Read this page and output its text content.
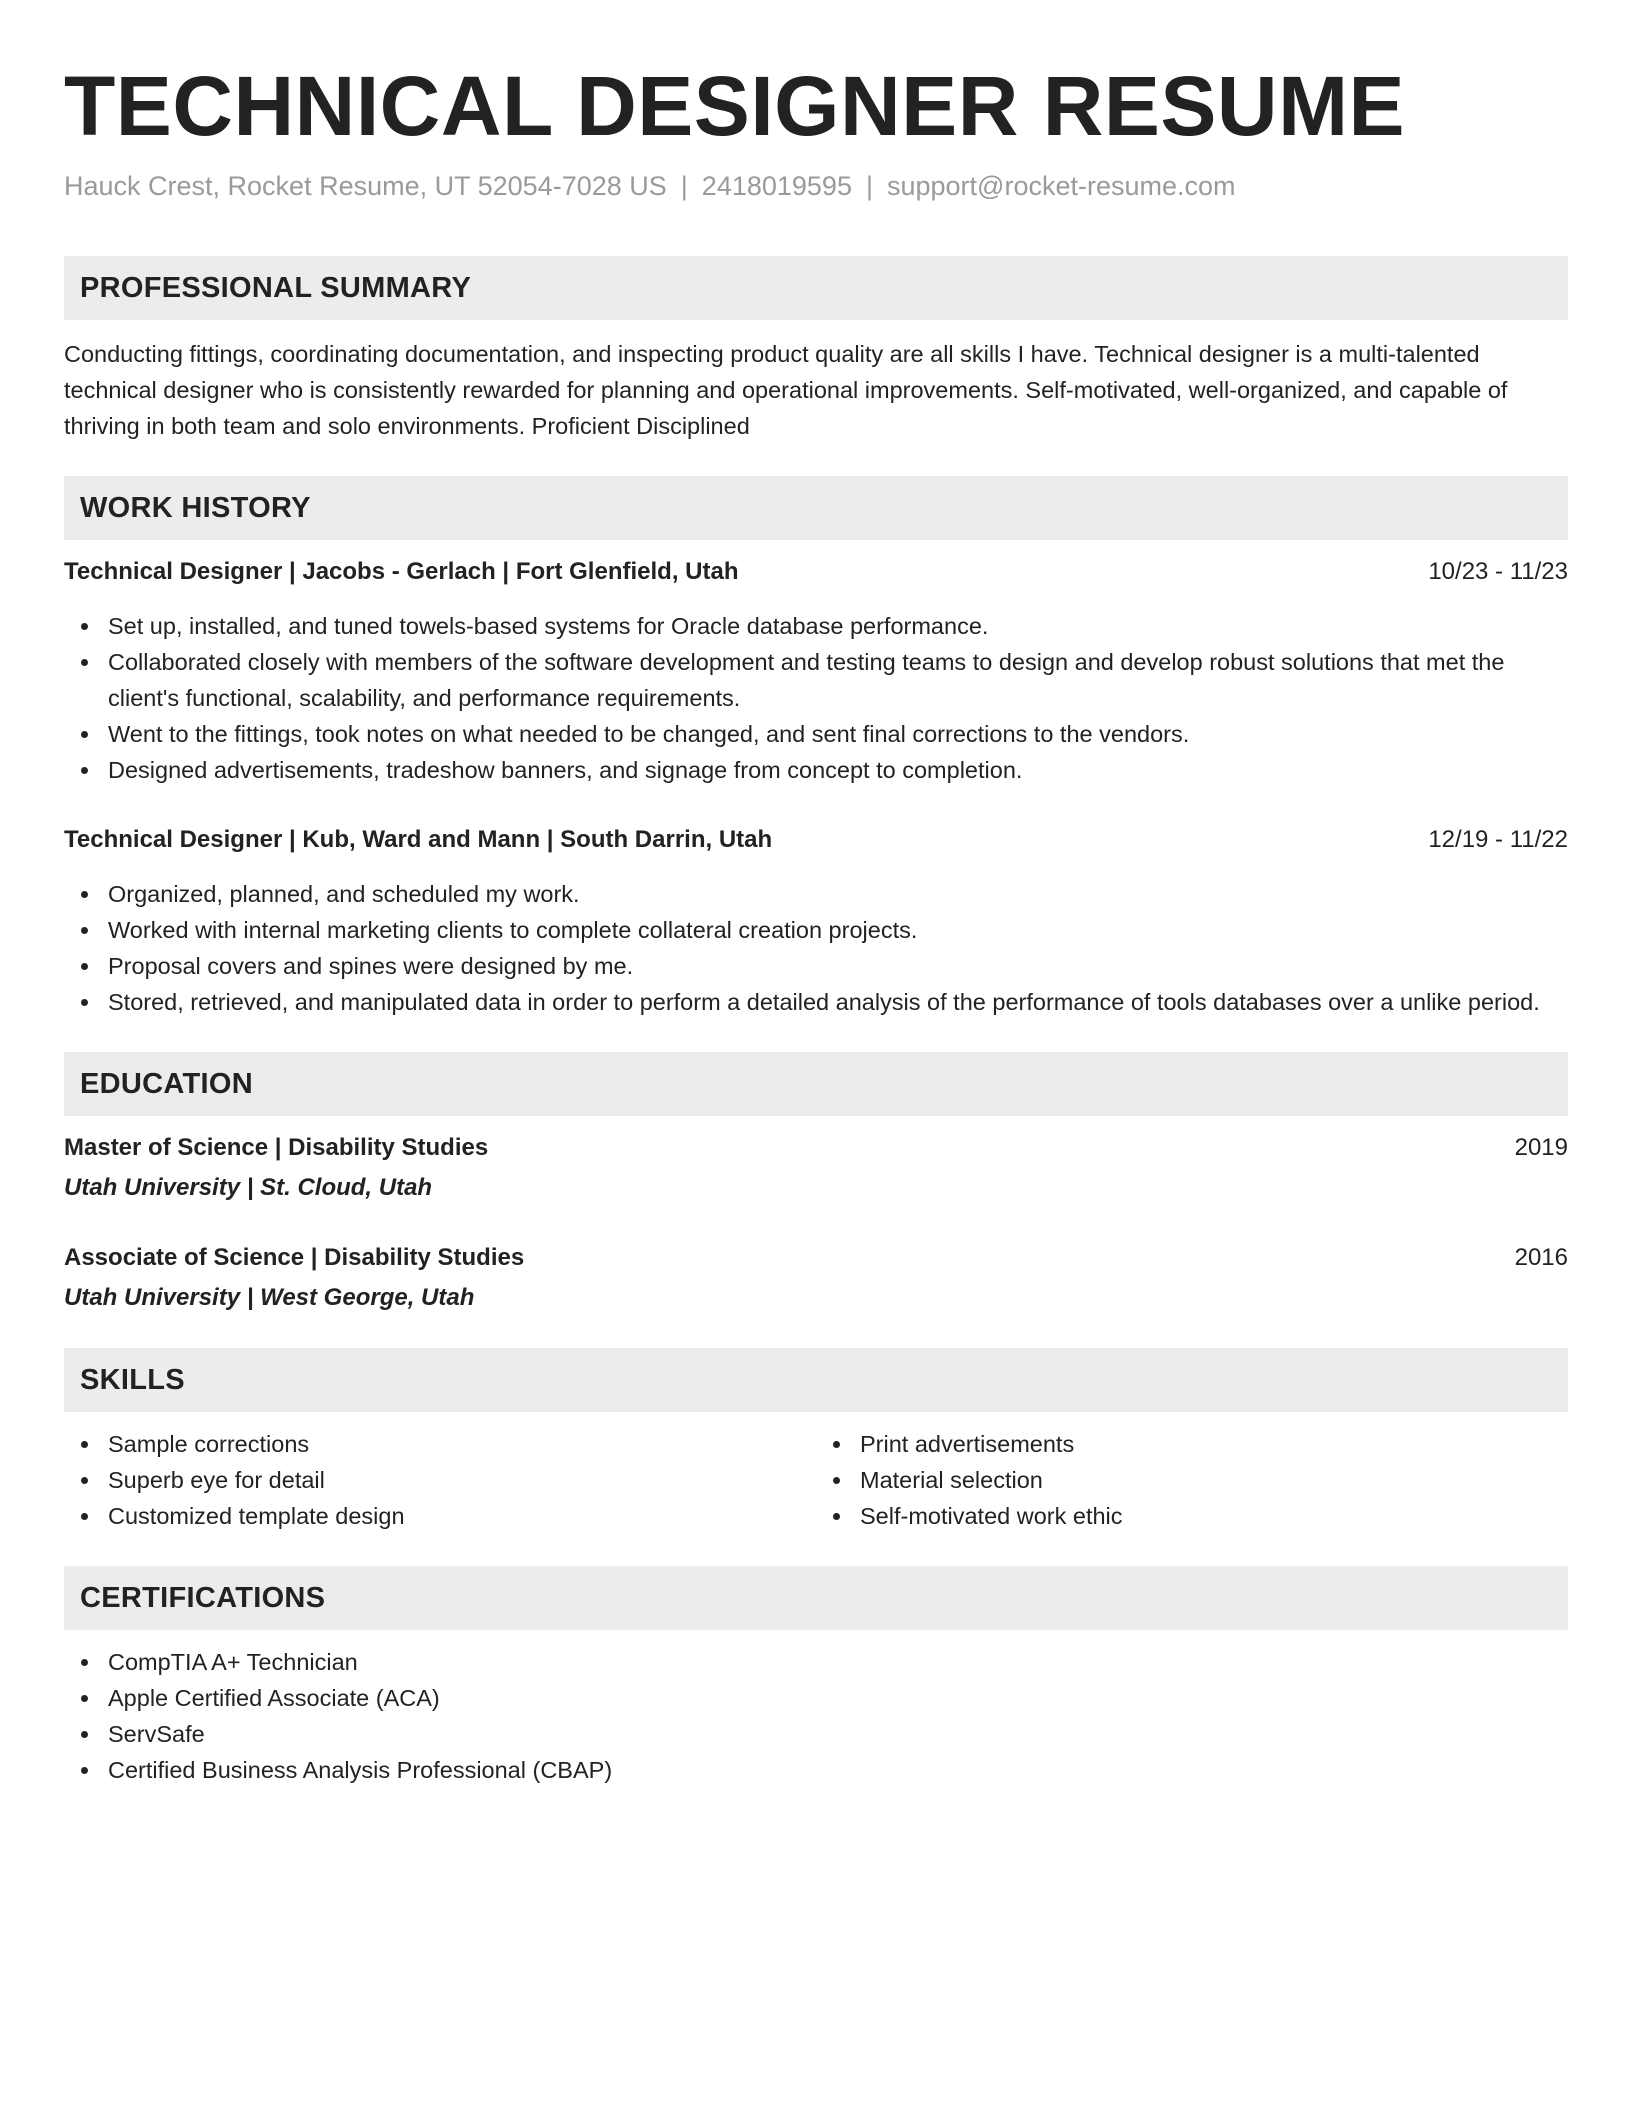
TECHNICAL DESIGNER RESUME
Hauck Crest, Rocket Resume, UT 52054-7028 US | 2418019595 | support@rocket-resume.com
PROFESSIONAL SUMMARY
Conducting fittings, coordinating documentation, and inspecting product quality are all skills I have. Technical designer is a multi-talented technical designer who is consistently rewarded for planning and operational improvements. Self-motivated, well-organized, and capable of thriving in both team and solo environments. Proficient Disciplined
WORK HISTORY
Technical Designer | Jacobs - Gerlach | Fort Glenfield, Utah	10/23 - 11/23
Set up, installed, and tuned towels-based systems for Oracle database performance.
Collaborated closely with members of the software development and testing teams to design and develop robust solutions that met the client's functional, scalability, and performance requirements.
Went to the fittings, took notes on what needed to be changed, and sent final corrections to the vendors.
Designed advertisements, tradeshow banners, and signage from concept to completion.
Technical Designer | Kub, Ward and Mann | South Darrin, Utah	12/19 - 11/22
Organized, planned, and scheduled my work.
Worked with internal marketing clients to complete collateral creation projects.
Proposal covers and spines were designed by me.
Stored, retrieved, and manipulated data in order to perform a detailed analysis of the performance of tools databases over a unlike period.
EDUCATION
Master of Science | Disability Studies	2019
Utah University | St. Cloud, Utah
Associate of Science | Disability Studies	2016
Utah University | West George, Utah
SKILLS
Sample corrections
Superb eye for detail
Customized template design
Print advertisements
Material selection
Self-motivated work ethic
CERTIFICATIONS
CompTIA A+ Technician
Apple Certified Associate (ACA)
ServSafe
Certified Business Analysis Professional (CBAP)
